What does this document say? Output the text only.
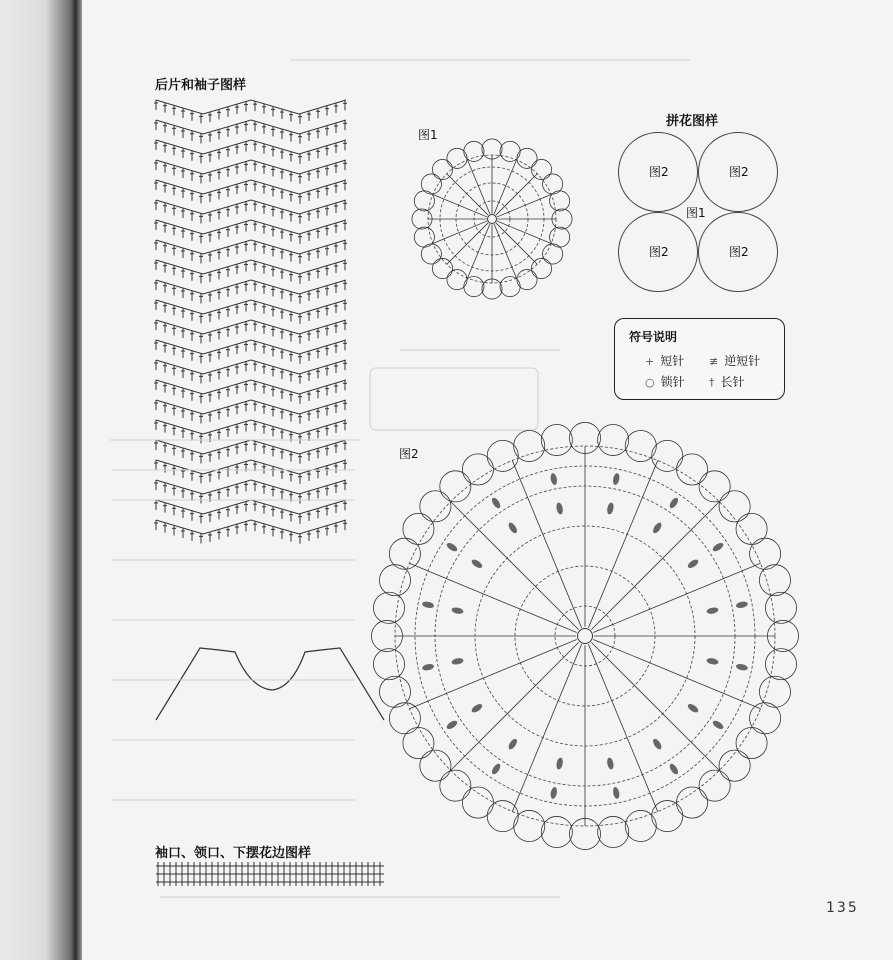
后片和袖子图样
袖口、领口、下摆花边图样
图1
图2
拼花图样
图2	图2
图1
图2	图2
符号说明
+ 短针 ≢ 逆短针
○ 锁针 † 长针
135
